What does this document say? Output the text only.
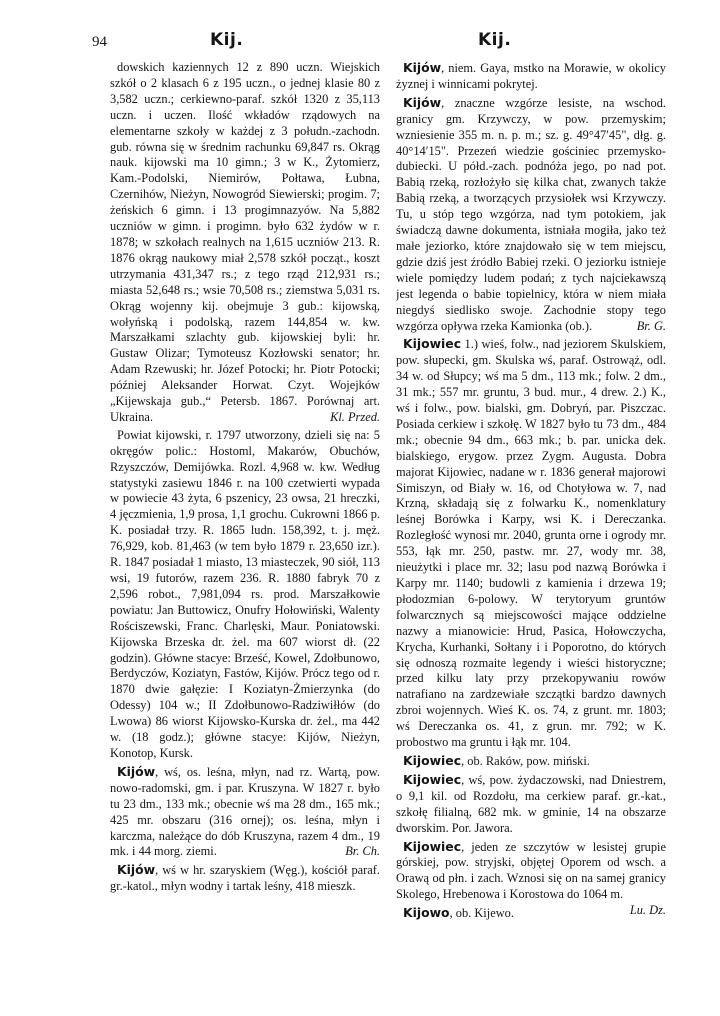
94	Kij.	Kij.

dowskich kaziennych 12 z 890 uczn. Wiejskich szkół o 2 klasach 6 z 195 uczn., o jednej klasie 80 z 3,582 uczn.; cerkiewno-paraf. szkół 1320 z 35,113 uczn. i uczen. Ilość wkładów rządowych na elementarne szkoły w każdej z 3 połudn.-zachodn. gub. równa się w średnim rachunku 69,847 rs. Okrąg nauk. kijowski ma 10 gimn.; 3 w K., Żytomierz, Kam.-Podolski, Niemirów, Połtawa, Łubna, Czernihów, Nieżyn, Nowogród Siewierski; progim. 7; żeńskich 6 gimn. i 13 progimnazyów. Na 5,882 uczniów w gimn. i progimn. było 632 żydów w r. 1878; w szkołach realnych na 1,615 uczniów 213. R. 1876 okrąg naukowy miał 2,578 szkół począt., koszt utrzymania 431,347 rs.; z tego rząd 212,931 rs.; miasta 52,648 rs.; wsie 70,508 rs.; ziemstwa 5,031 rs. Okrąg wojenny kij. obejmuje 3 gub.: kijowską, wołyńską i podolską, razem 144,854 w. kw. Marszałkami szlachty gub. kijowskiej byli: hr. Gustaw Olizar; Tymoteusz Kozłowski senator; hr. Adam Rzewuski; hr. Józef Potocki; hr. Piotr Potocki; później Aleksander Horwat. Czyt. Wojejków „Kijewskaja gub.,“ Petersb. 1867. Porównaj art. Ukraina.	Kl. Przed.

Powiat kijowski, r. 1797 utworzony, dzieli się na: 5 okręgów polic.: Hostoml, Makarów, Obuchów, Rzyszczów, Demijówka. Rozl. 4,968 w. kw. Według statystyki zasiewu 1846 r. na 100 czetwierti wypada w powiecie 43 żyta, 6 pszenicy, 23 owsa, 21 hreczki, 4 jęczmienia, 1,9 prosa, 1,1 grochu. Cukrowni 1866 p. K. posiadał trzy. R. 1865 ludn. 158,392, t. j. męż. 76,929, kob. 81,463 (w tem było 1879 r. 23,650 izr.). R. 1847 posiadał 1 miasto, 13 miasteczek, 90 siół, 113 wsi, 19 futorów, razem 236. R. 1880 fabryk 70 z 2,596 robot., 7,981,094 rs. prod. Marszałkowie powiatu: Jan Buttowicz, Onufry Hołowiński, Walenty Rościszewski, Franc. Charlęski, Maur. Poniatowski. Kijowska Brzeska dr. żel. ma 607 wiorst dł. (22 godzin). Główne stacye: Brześć, Kowel, Zdołbunowo, Berdyczów, Koziatyn, Fastów, Kijów. Prócz tego od r. 1870 dwie gałęzie: I Koziatyn-Żmierzynka (do Odessy) 104 w.; II Zdołbunowo-Radziwiłłów (do Lwowa) 86 wiorst Kijowsko-Kurska dr. żel., ma 442 w. (18 godz.); główne stacye: Kijów, Nieżyn, Konotop, Kursk.

Kijów, wś, os. leśna, młyn, nad rz. Wartą, pow. nowo-radomski, gm. i par. Kruszyna. W 1827 r. było tu 23 dm., 133 mk.; obecnie wś ma 28 dm., 165 mk.; 425 mr. obszaru (316 ornej); os. leśna, młyn i karczma, należące do dób Kruszyna, razem 4 dm., 19 mk. i 44 morg. ziemi.	Br. Ch.

Kijów, wś w hr. szaryskiem (Węg.), kościół paraf. gr.-katol., młyn wodny i tartak leśny, 418 mieszk.

Kijów, niem. Gaya, mstko na Morawie, w okolicy żyznej i winnicami pokrytej.

Kijów, znaczne wzgórze lesiste, na wschod. granicy gm. Krzywczy, w pow. przemyskim; wzniesienie 355 m. n. p. m.; sz. g. 49°47′45", dłg. g. 40°14′15". Przezeń wiedzie gościniec przemysko-dubiecki. U półd.-zach. podnóża jego, po nad pot. Babią rzeką, rozłożyło się kilka chat, zwanych także Babią rzeką, a tworzących przysiołek wsi Krzywczy. Tu, u stóp tego wzgórza, nad tym potokiem, jak świadczą dawne dokumenta, istniała mogiła, jako też małe jeziorko, które znajdowało się w tem miejscu, gdzie dziś jest źródło Babiej rzeki. O jeziorku istnieje wiele pomiędzy ludem podań; z tych najciekawszą jest legenda o babie topielnicy, która w niem miała niegdyś siedlisko swoje. Zachodnie stopy tego wzgórza opływa rzeka Kamionka (ob.).	Br. G.

Kijowiec 1.) wieś, folw., nad jeziorem Skulskiem, pow. słupecki, gm. Skulska wś, paraf. Ostrowąż, odl. 34 w. od Słupcy; wś ma 5 dm., 113 mk.; folw. 2 dm., 31 mk.; 557 mr. gruntu, 3 bud. mur., 4 drew. 2.) K., wś i folw., pow. bialski, gm. Dobryń, par. Piszczac. Posiada cerkiew i szkołę. W 1827 było tu 73 dm., 484 mk.; obecnie 94 dm., 663 mk.; b. par. unicka dek. bialskiego, erygow. przez Zygm. Augusta. Dobra majorat Kijowiec, nadane w r. 1836 generał majorowi Simiszyn, od Biały w. 16, od Chotyłowa w. 7, nad Krzną, składają się z folwarku K., nomenklatury leśnej Borówka i Karpy, wsi K. i Dereczanka. Rozległość wynosi mr. 2040, grunta orne i ogrody mr. 553, łąk mr. 250, pastw. mr. 27, wody mr. 38, nieużytki i place mr. 32; lasu pod nazwą Borówka i Karpy mr. 1140; budowli z kamienia i drzewa 19; płodozmian 6-polowy. W terytoryum gruntów folwarcznych są miejscowości mające oddzielne nazwy a mianowicie: Hrud, Pasica, Hołowczycha, Krycha, Kurhanki, Sołtany i i Poporotno, do których się odnoszą rozmaite legendy i wieści historyczne; przed kilku laty przy przekopywaniu rowów natrafiano na zardzewiałe szczątki bardzo dawnych zbroi wojennych. Wieś K. os. 74, z grunt. mr. 1803; wś Dereczanka os. 41, z grun. mr. 792; w K. probostwo ma gruntu i łąk mr. 104.

Kijowiec, ob. Raków, pow. miński.

Kijowiec, wś, pow. żydaczowski, nad Dniestrem, o 9,1 kil. od Rozdołu, ma cerkiew paraf. gr.-kat., szkołę filialną, 682 mk. w gminie, 14 na obszarze dworskim. Por. Jawora.

Kijowiec, jeden ze szczytów w lesistej grupie górskiej, pow. stryjski, objętej Oporem od wsch. a Orawą od płn. i zach. Wznosi się on na samej granicy Skolego, Hrebenowa i Korostowa do 1064 m.
Lu. Dz.

Kijowo, ob. Kijewo.
